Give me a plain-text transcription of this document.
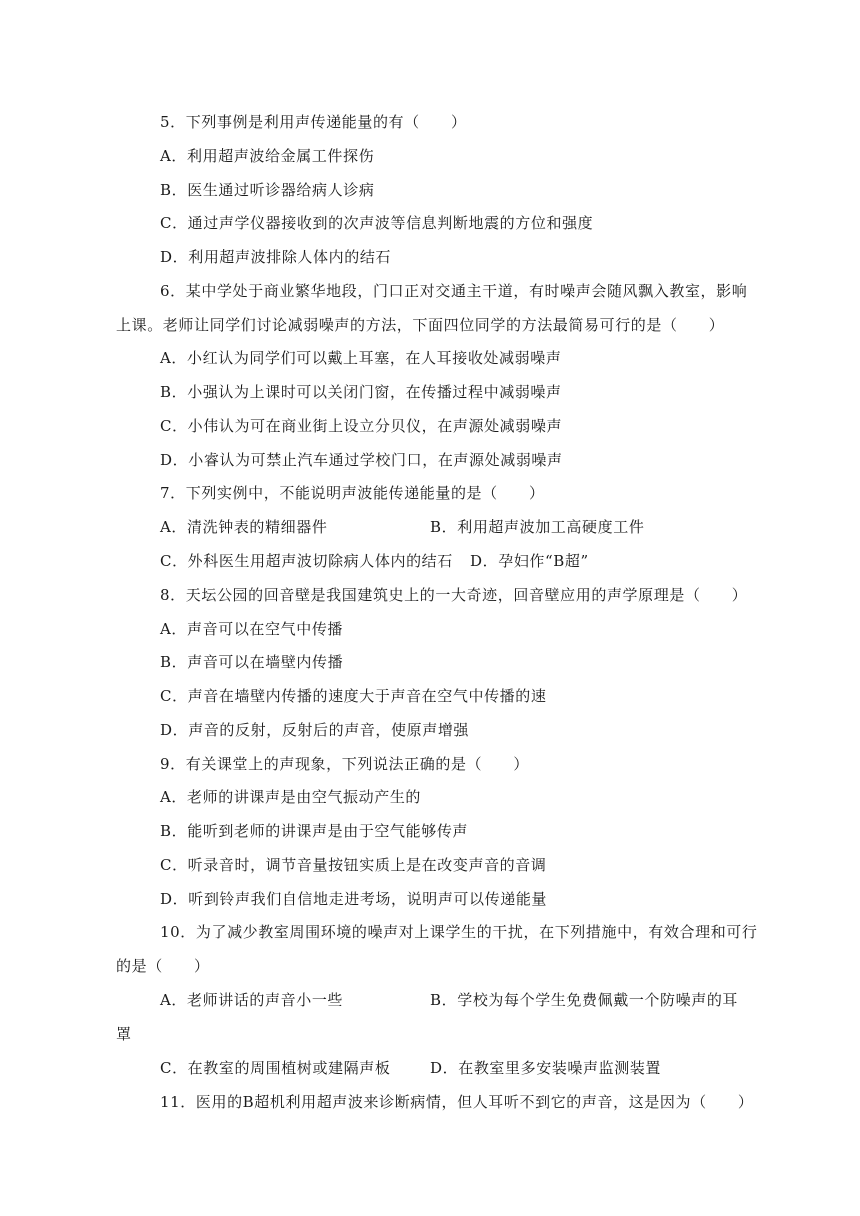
5．下列事例是利用声传递能量的有（　　）
A．利用超声波给金属工件探伤
B．医生通过听诊器给病人诊病
C．通过声学仪器接收到的次声波等信息判断地震的方位和强度
D．利用超声波排除人体内的结石
6．某中学处于商业繁华地段，门口正对交通主干道，有时噪声会随风飘入教室，影响
上课。老师让同学们讨论减弱噪声的方法，下面四位同学的方法最简易可行的是（　　）
A．小红认为同学们可以戴上耳塞，在人耳接收处减弱噪声
B．小强认为上课时可以关闭门窗，在传播过程中减弱噪声
C．小伟认为可在商业街上设立分贝仪，在声源处减弱噪声
D．小睿认为可禁止汽车通过学校门口，在声源处减弱噪声
7．下列实例中，不能说明声波能传递能量的是（　　）
A．清洗钟表的精细器件	B．利用超声波加工高硬度工件
C．外科医生用超声波切除病人体内的结石 D．孕妇作“B超”
8．天坛公园的回音壁是我国建筑史上的一大奇迹，回音壁应用的声学原理是（　　）
A．声音可以在空气中传播
B．声音可以在墙壁内传播
C．声音在墙壁内传播的速度大于声音在空气中传播的速
D．声音的反射，反射后的声音，使原声增强
9．有关课堂上的声现象，下列说法正确的是（　　）
A．老师的讲课声是由空气振动产生的
B．能听到老师的讲课声是由于空气能够传声
C．听录音时，调节音量按钮实质上是在改变声音的音调
D．听到铃声我们自信地走进考场，说明声可以传递能量
10．为了减少教室周围环境的噪声对上课学生的干扰，在下列措施中，有效合理和可行
的是（　　）
A．老师讲话的声音小一些	B．学校为每个学生免费佩戴一个防噪声的耳
罩
C．在教室的周围植树或建隔声板	D．在教室里多安装噪声监测装置
11．医用的B超机利用超声波来诊断病情，但人耳听不到它的声音，这是因为（　　）
